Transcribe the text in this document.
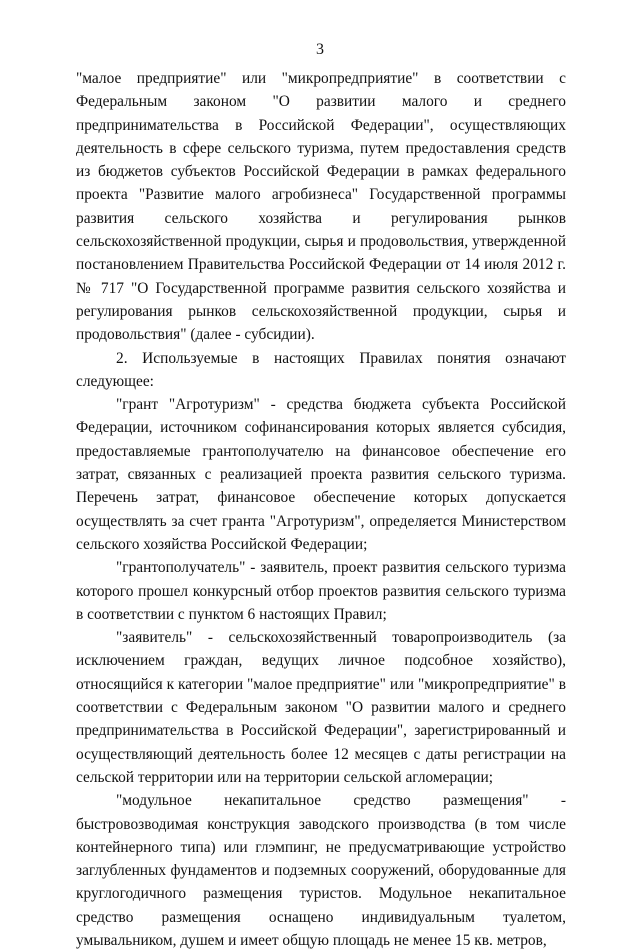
3

"малое предприятие" или "микропредприятие" в соответствии с Федеральным законом "О развитии малого и среднего предпринимательства в Российской Федерации", осуществляющих деятельность в сфере сельского туризма, путем предоставления средств из бюджетов субъектов Российской Федерации в рамках федерального проекта "Развитие малого агробизнеса" Государственной программы развития сельского хозяйства и регулирования рынков сельскохозяйственной продукции, сырья и продовольствия, утвержденной постановлением Правительства Российской Федерации от 14 июля 2012 г. № 717 "О Государственной программе развития сельского хозяйства и регулирования рынков сельскохозяйственной продукции, сырья и продовольствия" (далее - субсидии).

2. Используемые в настоящих Правилах понятия означают следующее:

"грант "Агротуризм" - средства бюджета субъекта Российской Федерации, источником софинансирования которых является субсидия, предоставляемые грантополучателю на финансовое обеспечение его затрат, связанных с реализацией проекта развития сельского туризма. Перечень затрат, финансовое обеспечение которых допускается осуществлять за счет гранта "Агротуризм", определяется Министерством сельского хозяйства Российской Федерации;

"грантополучатель" - заявитель, проект развития сельского туризма которого прошел конкурсный отбор проектов развития сельского туризма в соответствии с пунктом 6 настоящих Правил;

"заявитель" - сельскохозяйственный товаропроизводитель (за исключением граждан, ведущих личное подсобное хозяйство), относящийся к категории "малое предприятие" или "микропредприятие" в соответствии с Федеральным законом "О развитии малого и среднего предпринимательства в Российской Федерации", зарегистрированный и осуществляющий деятельность более 12 месяцев с даты регистрации на сельской территории или на территории сельской агломерации;

"модульное некапитальное средство размещения" - быстровозводимая конструкция заводского производства (в том числе контейнерного типа) или глэмпинг, не предусматривающие устройство заглубленных фундаментов и подземных сооружений, оборудованные для круглогодичного размещения туристов. Модульное некапитальное средство размещения оснащено индивидуальным туалетом, умывальником, душем и имеет общую площадь не менее 15 кв. метров,
